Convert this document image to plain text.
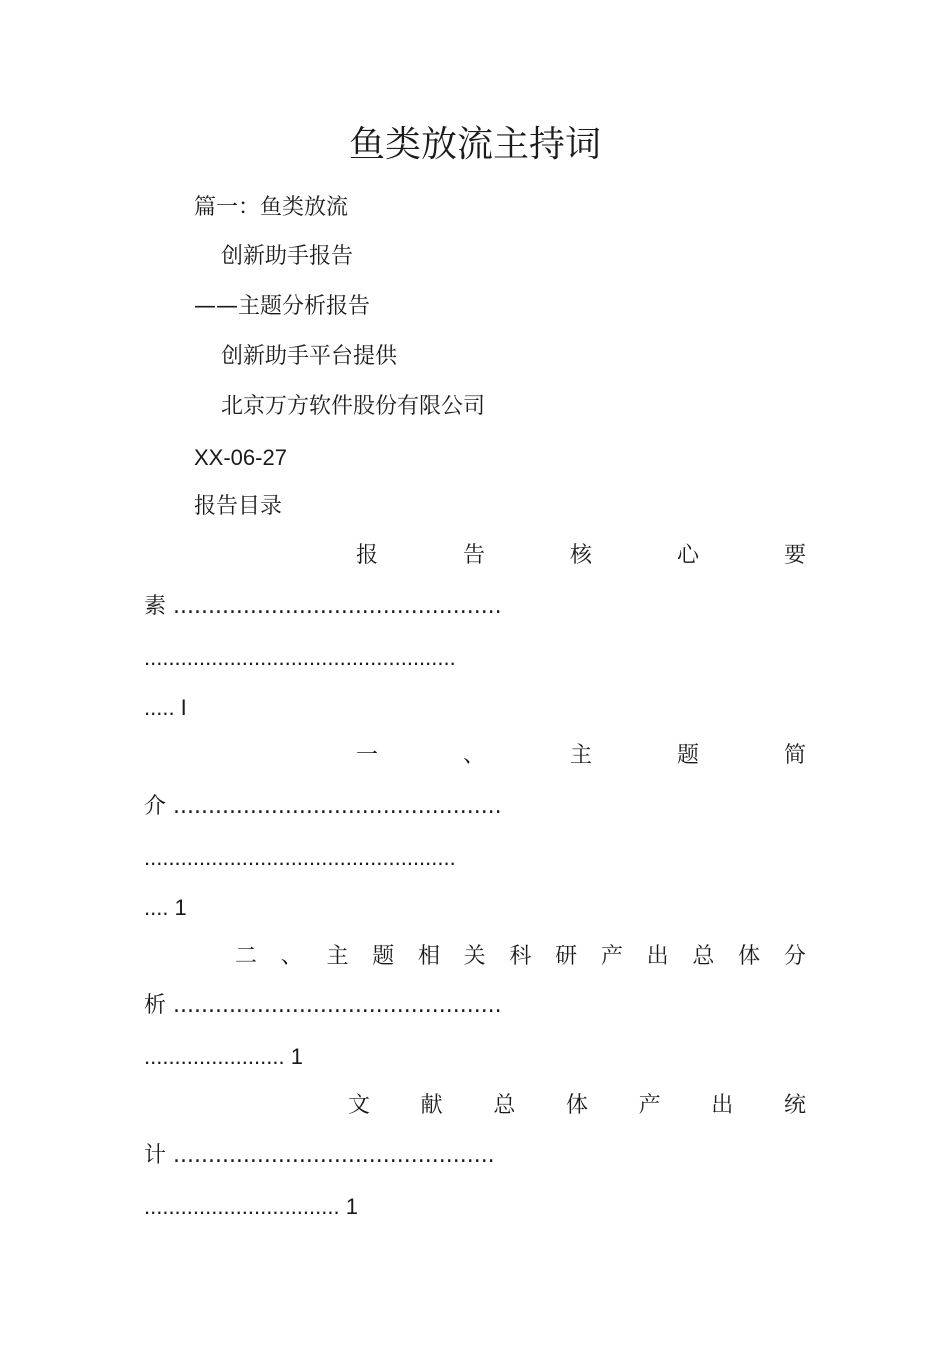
鱼类放流主持词
篇一：鱼类放流
创新助手报告
——主题分析报告
创新助手平台提供
北京万方软件股份有限公司
XX-06-27
报告目录
报	告	核	心	要
素 ...............................................
...................................................
..... I
一	、	主	题	简
介 ...............................................
...................................................
.... 1
二 、 主 题 相 关 科 研 产 出 总 体 分
析 ...............................................
....................... 1
文 献 总 体 产 出 统
计 ..............................................
................................ 1
